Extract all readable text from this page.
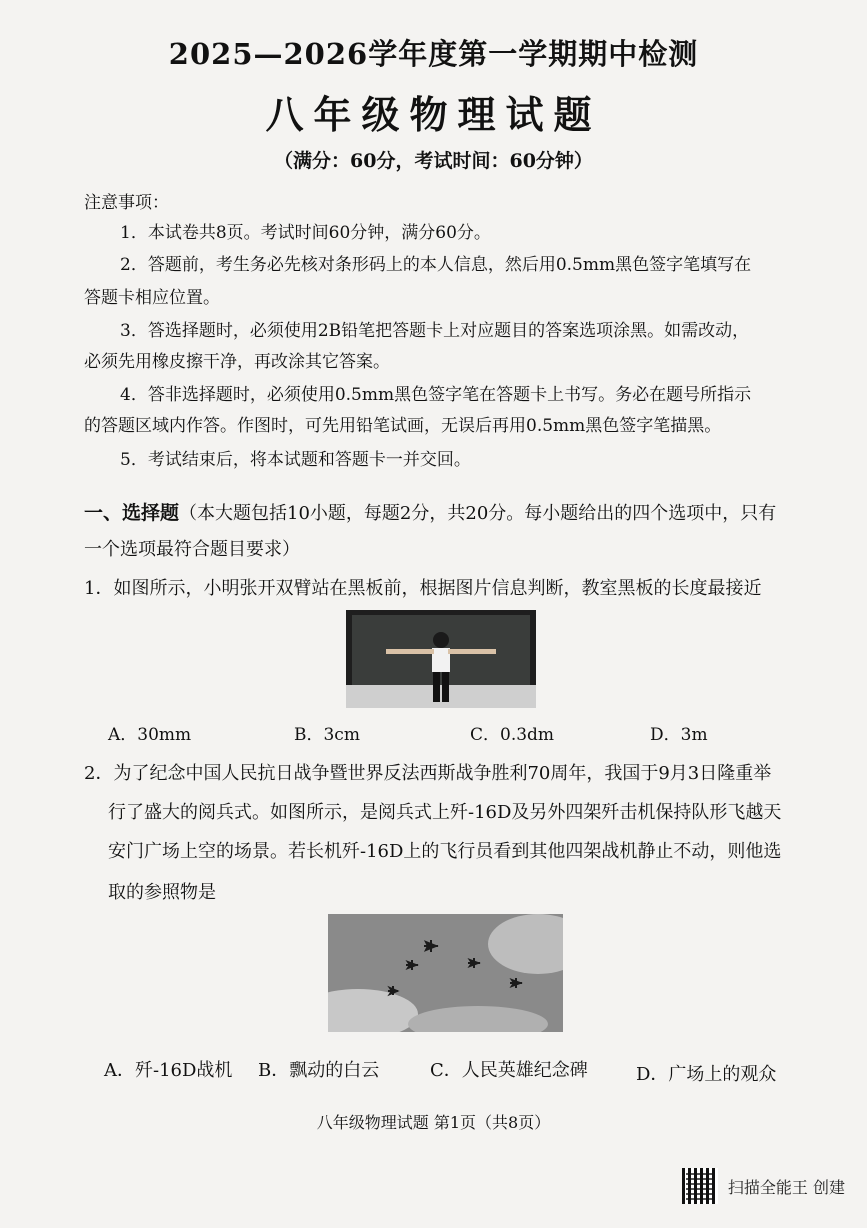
2025—2026学年度第一学期期中检测
八年级物理试题
（满分：60分，考试时间：60分钟）
注意事项：
1．本试卷共8页。考试时间60分钟，满分60分。
2．答题前，考生务必先核对条形码上的本人信息，然后用0.5mm黑色签字笔填写在
答题卡相应位置。
3．答选择题时，必须使用2B铅笔把答题卡上对应题目的答案选项涂黑。如需改动，
必须先用橡皮擦干净，再改涂其它答案。
4．答非选择题时，必须使用0.5mm黑色签字笔在答题卡上书写。务必在题号所指示
的答题区域内作答。作图时，可先用铅笔试画，无误后再用0.5mm黑色签字笔描黑。
5．考试结束后，将本试题和答题卡一并交回。
一、选择题（本大题包括10小题，每题2分，共20分。每小题给出的四个选项中，只有
一个选项最符合题目要求）
1．如图所示，小明张开双臂站在黑板前，根据图片信息判断，教室黑板的长度最接近
A．30mm	B．3cm	C．0.3dm	D．3m
2．为了纪念中国人民抗日战争暨世界反法西斯战争胜利70周年，我国于9月3日隆重举
行了盛大的阅兵式。如图所示，是阅兵式上歼-16D及另外四架歼击机保持队形飞越天
安门广场上空的场景。若长机歼-16D上的飞行员看到其他四架战机静止不动，则他选
取的参照物是
A．歼-16D战机 B．飘动的白云	C．人民英雄纪念碑	D．广场上的观众
八年级物理试题 第1页（共8页）
扫描全能王 创建
